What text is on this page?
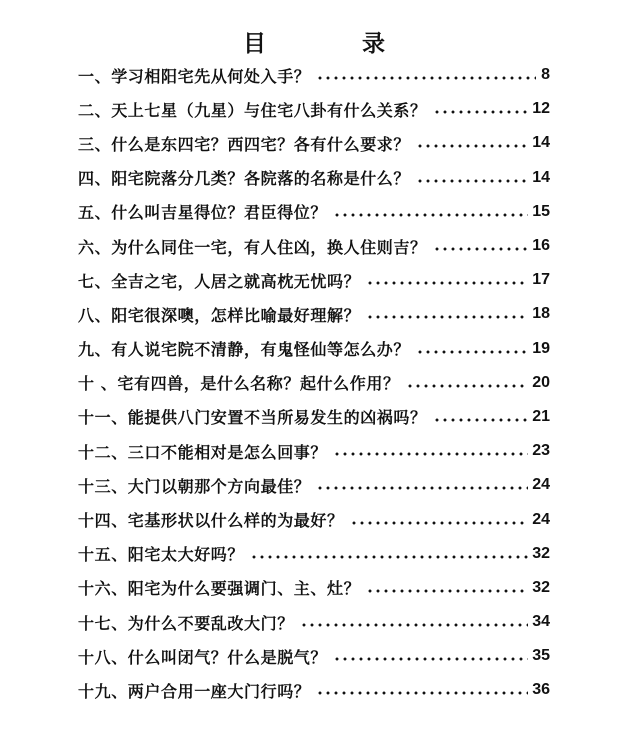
目 录
一、学习相阳宅先从何处入手？	8
二、天上七星（九星）与住宅八卦有什么关系？	12
三、什么是东四宅？西四宅？各有什么要求？	14
四、阳宅院落分几类？各院落的名称是什么？	14
五、什么叫吉星得位？君臣得位？	15
六、为什么同住一宅，有人住凶，换人住则吉？	16
七、全吉之宅，人居之就高枕无忧吗？	17
八、阳宅很深噢，怎样比喻最好理解？	18
九、有人说宅院不清静，有鬼怪仙等怎么办？	19
十 、宅有四兽，是什么名称？起什么作用？	20
十一、能提供八门安置不当所易发生的凶祸吗？	21
十二、三口不能相对是怎么回事？	23
十三、大门以朝那个方向最佳？	24
十四、宅基形状以什么样的为最好？	24
十五、阳宅太大好吗？	32
十六、阳宅为什么要强调门、主、灶？	32
十七、为什么不要乱改大门？	34
十八、什么叫闭气？什么是脱气？	35
十九、两户合用一座大门行吗？	36
